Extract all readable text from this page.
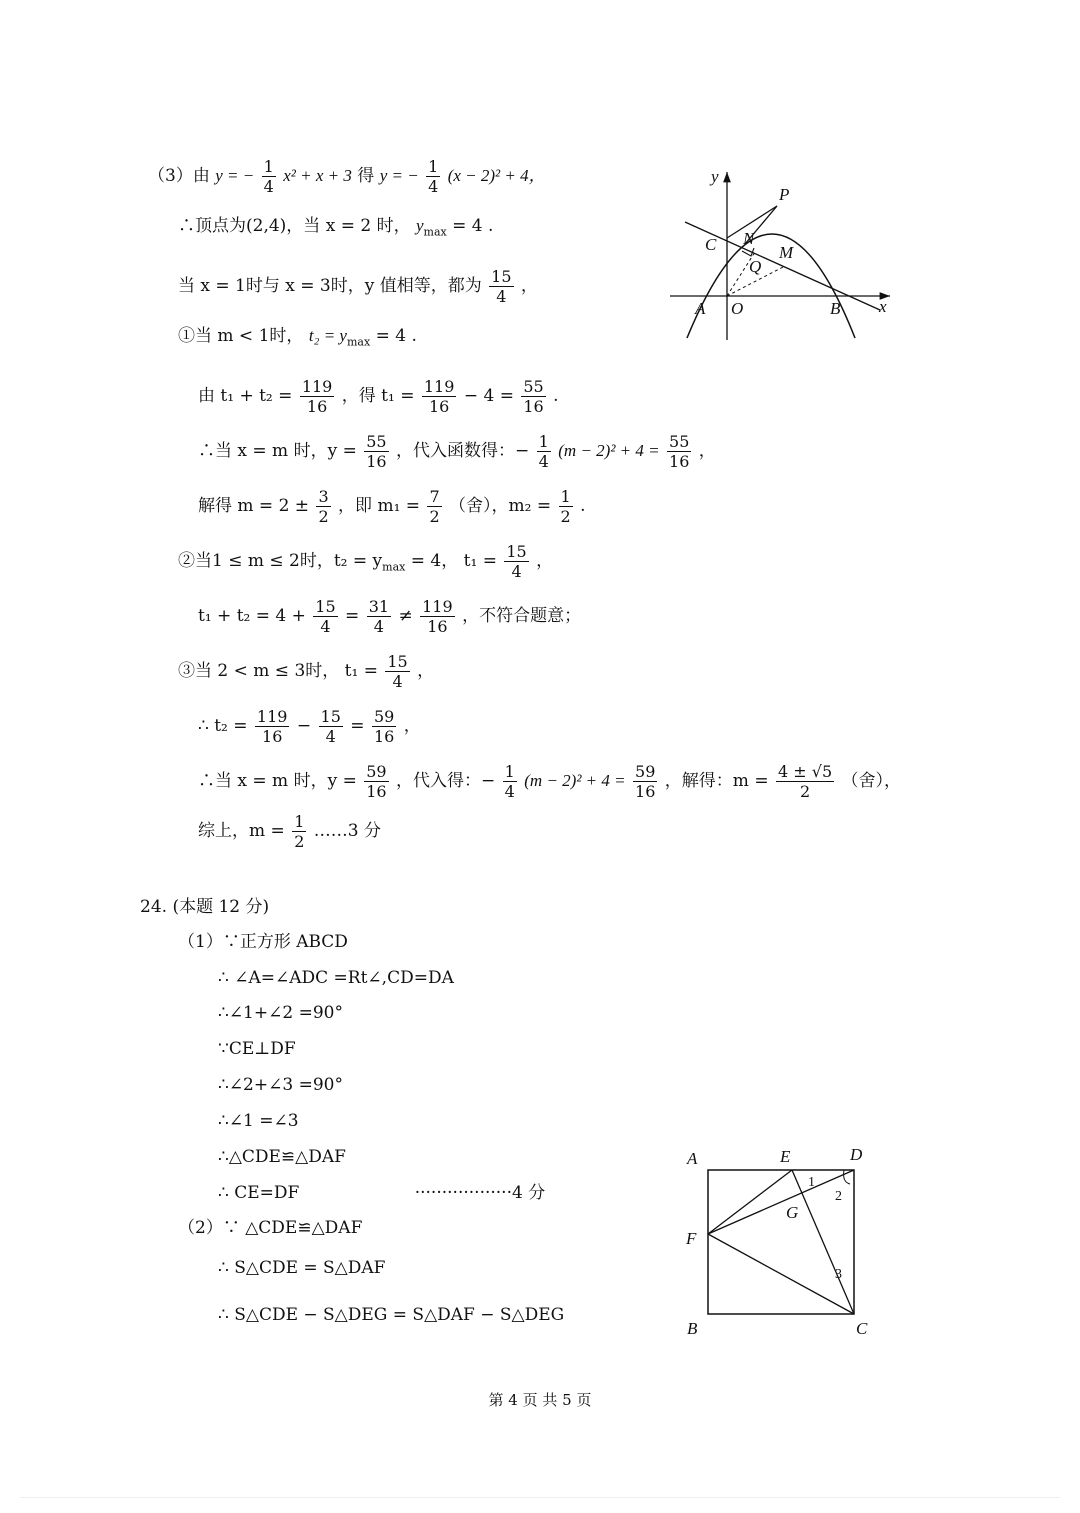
（3）由 y = − $\frac{1}{4} x^2 + x + 3$ 得 y = − $\frac{1}{4} (x - 2)^2 + 4$，
∴顶点为(2,4)，当 x = 2 时， $y_{max} = 4$ .
当 x = 1时与 x = 3时，y 值相等，都为 $\frac{15}{4}$ ，
①当 m < 1时， $t_2 = y_{max} = 4$ .
由 $t_1 + t_2 = \frac{119}{16}$ ，得 $t_1 = \frac{119}{16} - 4 = \frac{55}{16}$ .
∴当 x = m 时，$y = \frac{55}{16}$ ，代入函数得：− $\frac{1}{4} (m - 2)^2 + 4 = \frac{55}{16}$ ，
解得 $m = 2 \pm \frac{3}{2}$ ，即 $m_1 = \frac{7}{2}$ （舍），$m_2 = \frac{1}{2}$ .
②当1 ≤ m ≤ 2时，$t_2 = y_{max} = 4$， $t_1 = \frac{15}{4}$ ，
$t_1 + t_2 = 4 + \frac{15}{4} = \frac{31}{4} \ne \frac{119}{16}$ ，不符合题意；
③当 2 < m ≤ 3时， $t_1 = \frac{15}{4}$ ，
∴ $t_2 = \frac{119}{16} - \frac{15}{4} = \frac{59}{16}$ ，
∴当 x = m 时，$y = \frac{59}{16}$ ，代入得：− $\frac{1}{4} (m - 2)^2 + 4 = \frac{59}{16}$ ，解得：$m = \frac{4 \pm √5}{2}$ （舍），
综上，$m = \frac{1}{2}$ ……3 分
y
P
C N
M
Q
A O	B x
24. (本题 12 分)
（1）∵正方形 ABCD
∴ ∠A=∠ADC =Rt∠,CD=DA
∴∠1+∠2 =90°
∵CE⊥DF
∴∠2+∠3 =90°
∴∠1 =∠3
∴△CDE≌△DAF
∴ CE=DF	··················4 分
（2）∵ △CDE≌△DAF
∴ S△CDE = S△DAF
∴ S△CDE − S△DEG = S△DAF − S△DEG
A	E	D
1
2
G
F
3
B	C
第 4 页 共 5 页
